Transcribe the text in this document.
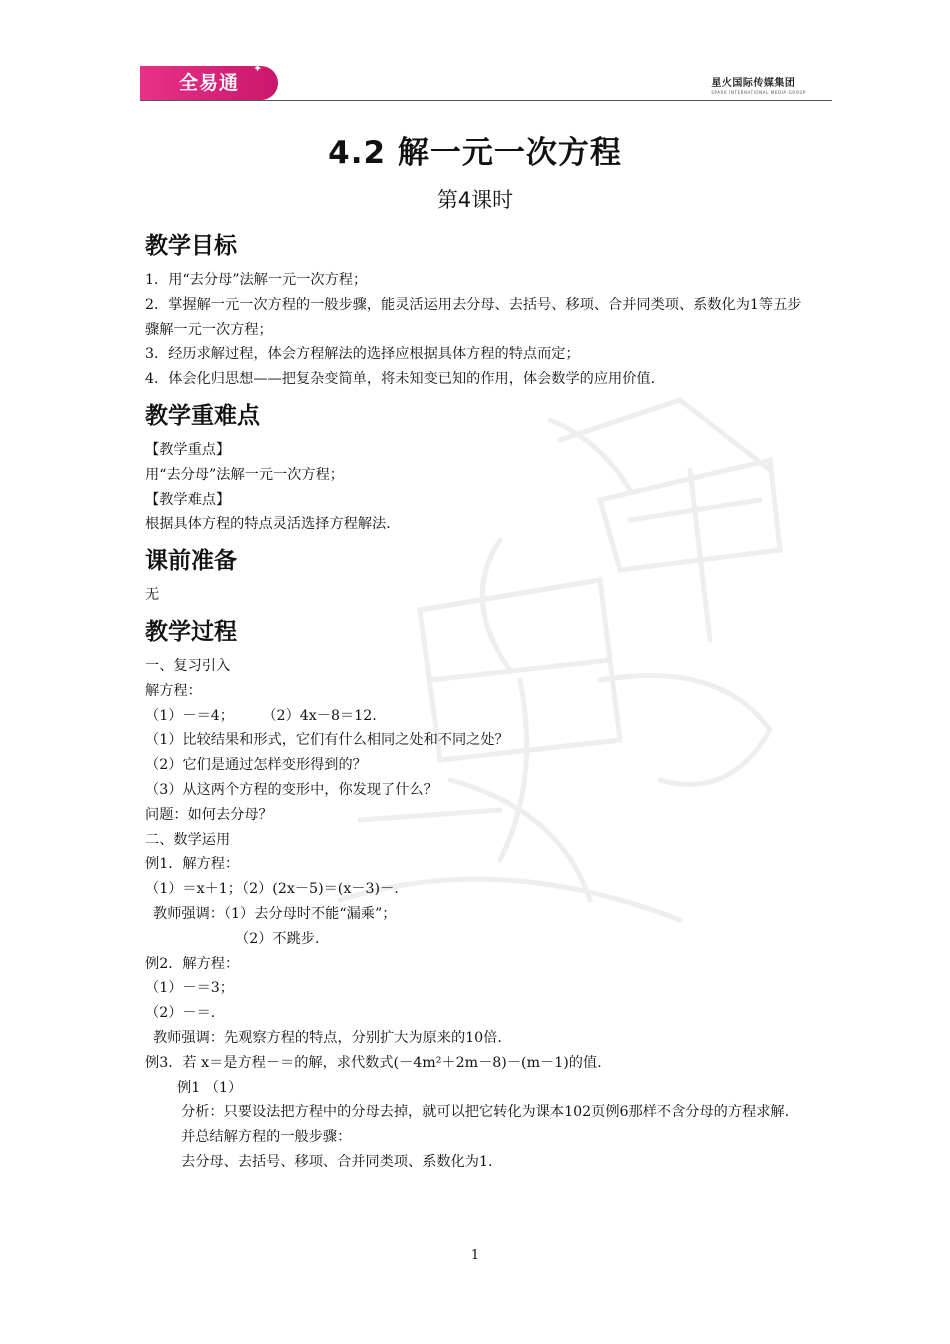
全易通
✦
星火国际传媒集团
SPARK INTERNATIONAL MEDIA GROUP
4.2 解一元一次方程
第4课时
教学目标
1．用“去分母”法解一元一次方程；
2．掌握解一元一次方程的一般步骤，能灵活运用去分母、去括号、移项、合并同类项、系数化为1等五步骤解一元一次方程；
3．经历求解过程，体会方程解法的选择应根据具体方程的特点而定；
4．体会化归思想——把复杂变简单，将未知变已知的作用，体会数学的应用价值．
教学重难点
【教学重点】
用“去分母”法解一元一次方程；
【教学难点】
根据具体方程的特点灵活选择方程解法.
课前准备
无
教学过程
一、复习引入
解方程：
（1）－＝4；　　　（2）4x－8＝12.
（1）比较结果和形式，它们有什么相同之处和不同之处？
（2）它们是通过怎样变形得到的？
（3）从这两个方程的变形中，你发现了什么？
问题：如何去分母？
二、数学运用
例1．解方程：
（1）＝x＋1；（2）(2x－5)＝(x－3)－.
教师强调：（1）去分母时不能“漏乘”；
（2）不跳步.
例2．解方程：
（1）－＝3；
（2）－＝.
教师强调：先观察方程的特点，分别扩大为原来的10倍.
例3．若 x＝是方程－＝的解，求代数式(－4m²＋2m－8)－(m－1)的值.
例1 （1）
分析：只要设法把方程中的分母去掉，就可以把它转化为课本102页例6那样不含分母的方程求解.
并总结解方程的一般步骤：
去分母、去括号、移项、合并同类项、系数化为1.
1
